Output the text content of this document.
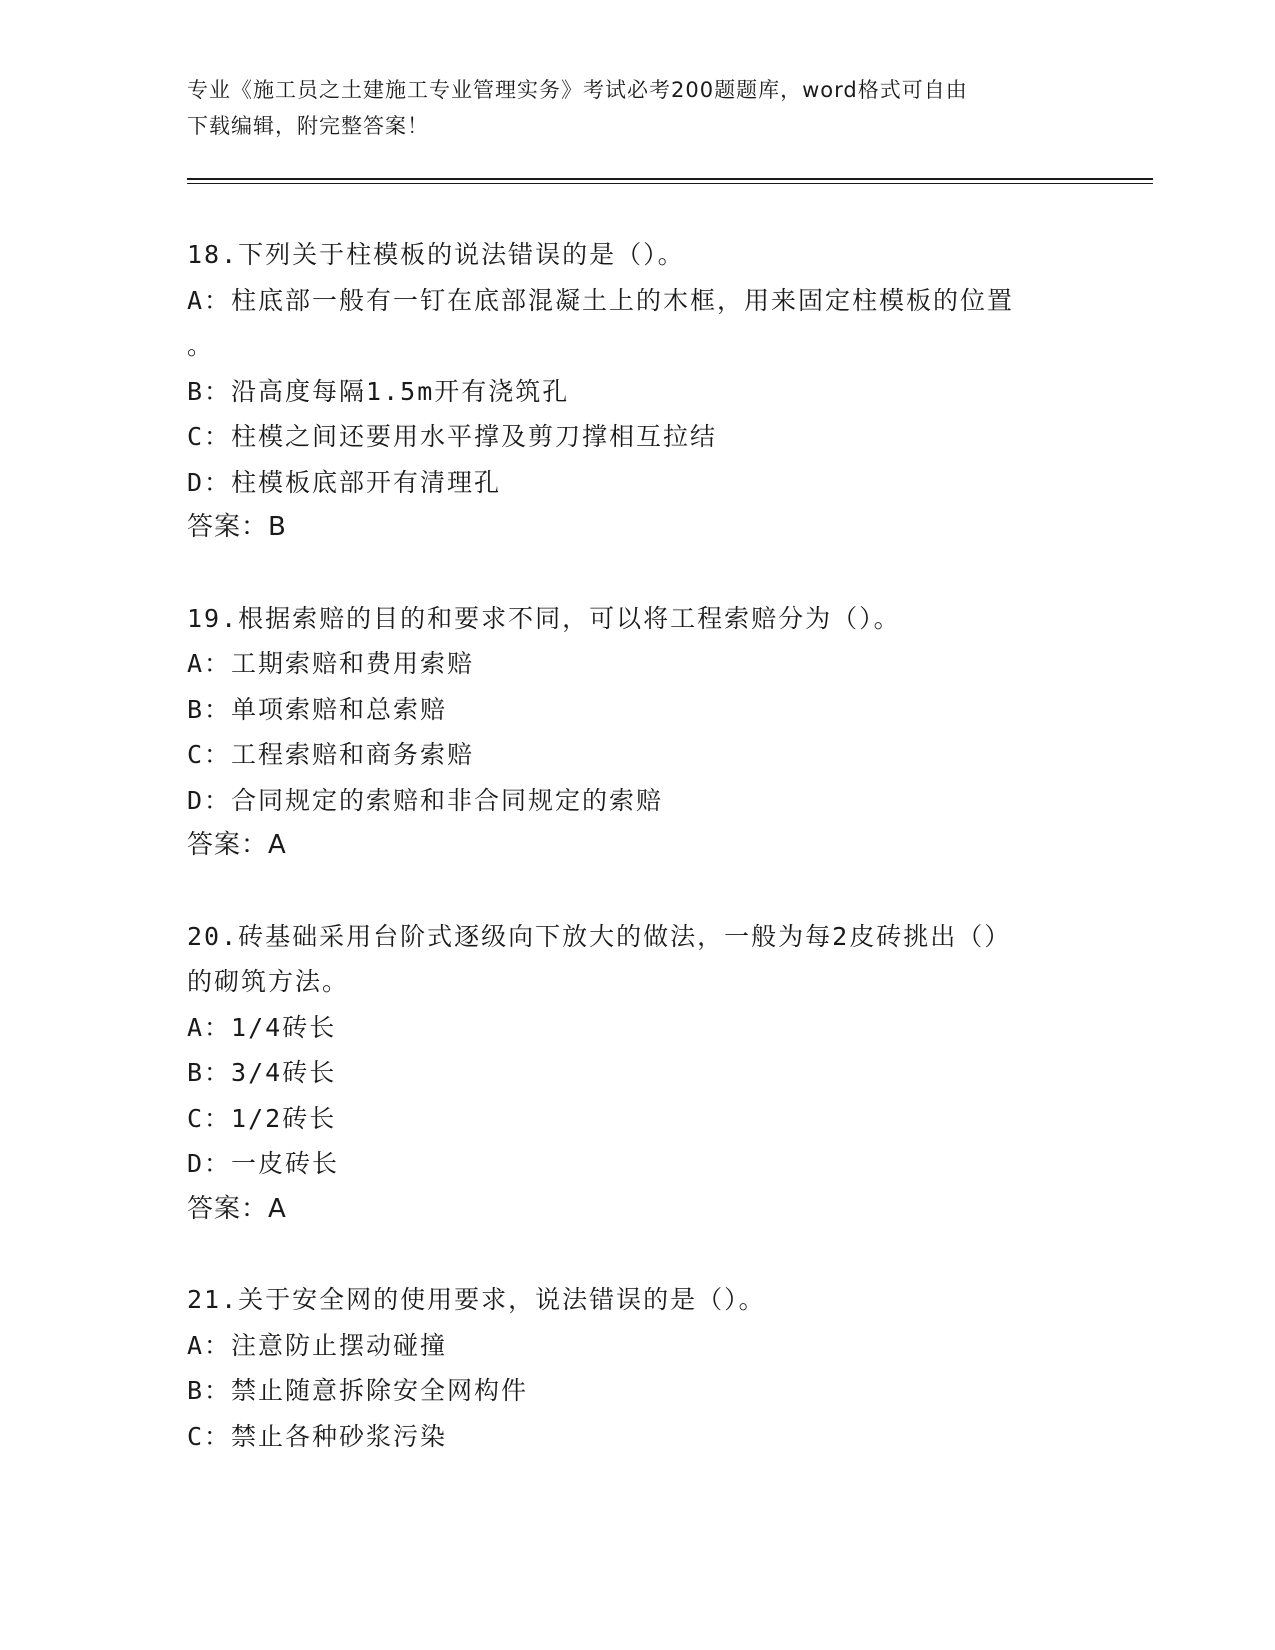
专业《施工员之土建施工专业管理实务》考试必考200题题库，word格式可自由
下载编辑，附完整答案！
18.下列关于柱模板的说法错误的是（）。
A：柱底部一般有一钉在底部混凝土上的木框，用来固定柱模板的位置
。
B：沿高度每隔1.5m开有浇筑孔
C：柱模之间还要用水平撑及剪刀撑相互拉结
D：柱模板底部开有清理孔
答案：B
19.根据索赔的目的和要求不同，可以将工程索赔分为（）。
A：工期索赔和费用索赔
B：单项索赔和总索赔
C：工程索赔和商务索赔
D：合同规定的索赔和非合同规定的索赔
答案：A
20.砖基础采用台阶式逐级向下放大的做法，一般为每2皮砖挑出（）
的砌筑方法。
A：1/4砖长
B：3/4砖长
C：1/2砖长
D：一皮砖长
答案：A
21.关于安全网的使用要求，说法错误的是（）。
A：注意防止摆动碰撞
B：禁止随意拆除安全网构件
C：禁止各种砂浆污染
